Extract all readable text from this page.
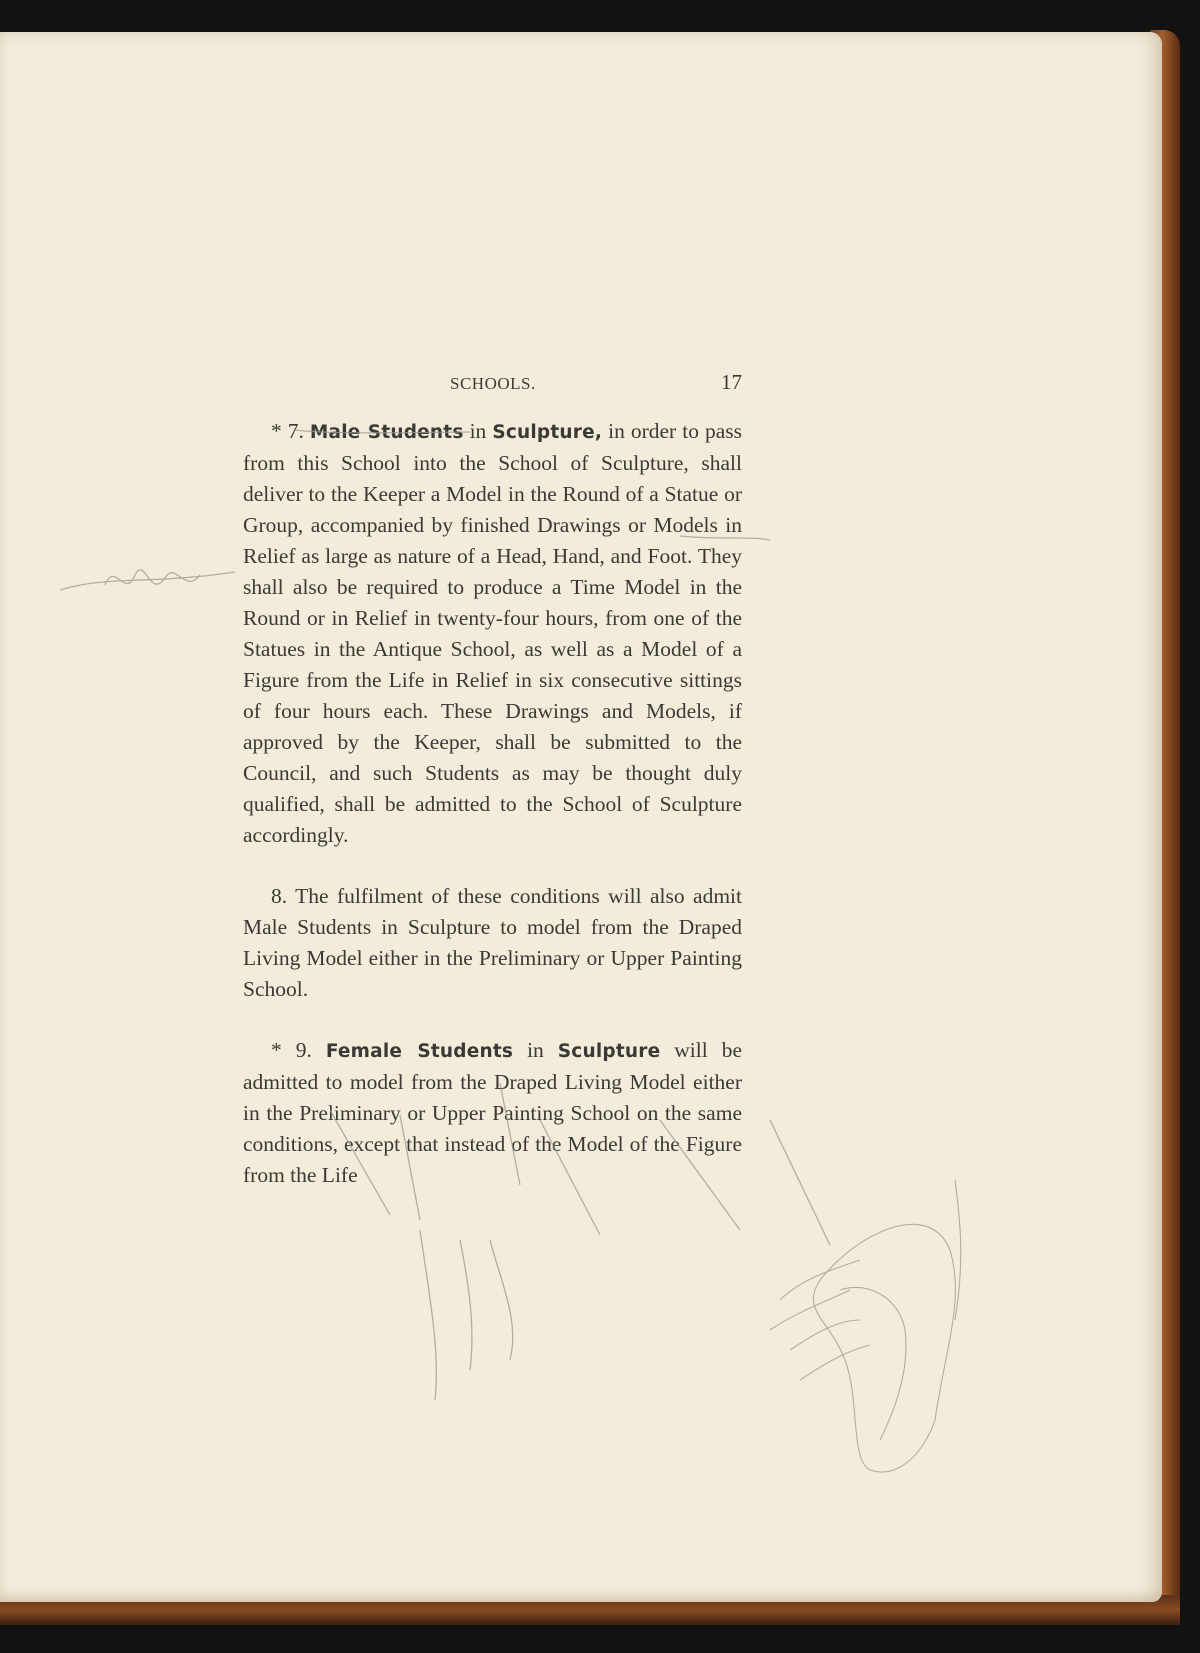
SCHOOLS.	17

* 7. Male Students in Sculpture, in order to pass from this School into the School of Sculpture, shall deliver to the Keeper a Model in the Round of a Statue or Group, accompanied by finished Drawings or Models in Relief as large as nature of a Head, Hand, and Foot. They shall also be required to produce a Time Model in the Round or in Relief in twenty-four hours, from one of the Statues in the Antique School, as well as a Model of a Figure from the Life in Relief in six consecutive sittings of four hours each. These Drawings and Models, if approved by the Keeper, shall be submitted to the Council, and such Students as may be thought duly qualified, shall be admitted to the School of Sculpture accordingly.

8. The fulfilment of these conditions will also admit Male Students in Sculpture to model from the Draped Living Model either in the Preliminary or Upper Painting School.

* 9. Female Students in Sculpture will be admitted to model from the Draped Living Model either in the Preliminary or Upper Painting School on the same conditions, except that instead of the Model of the Figure from the Life
